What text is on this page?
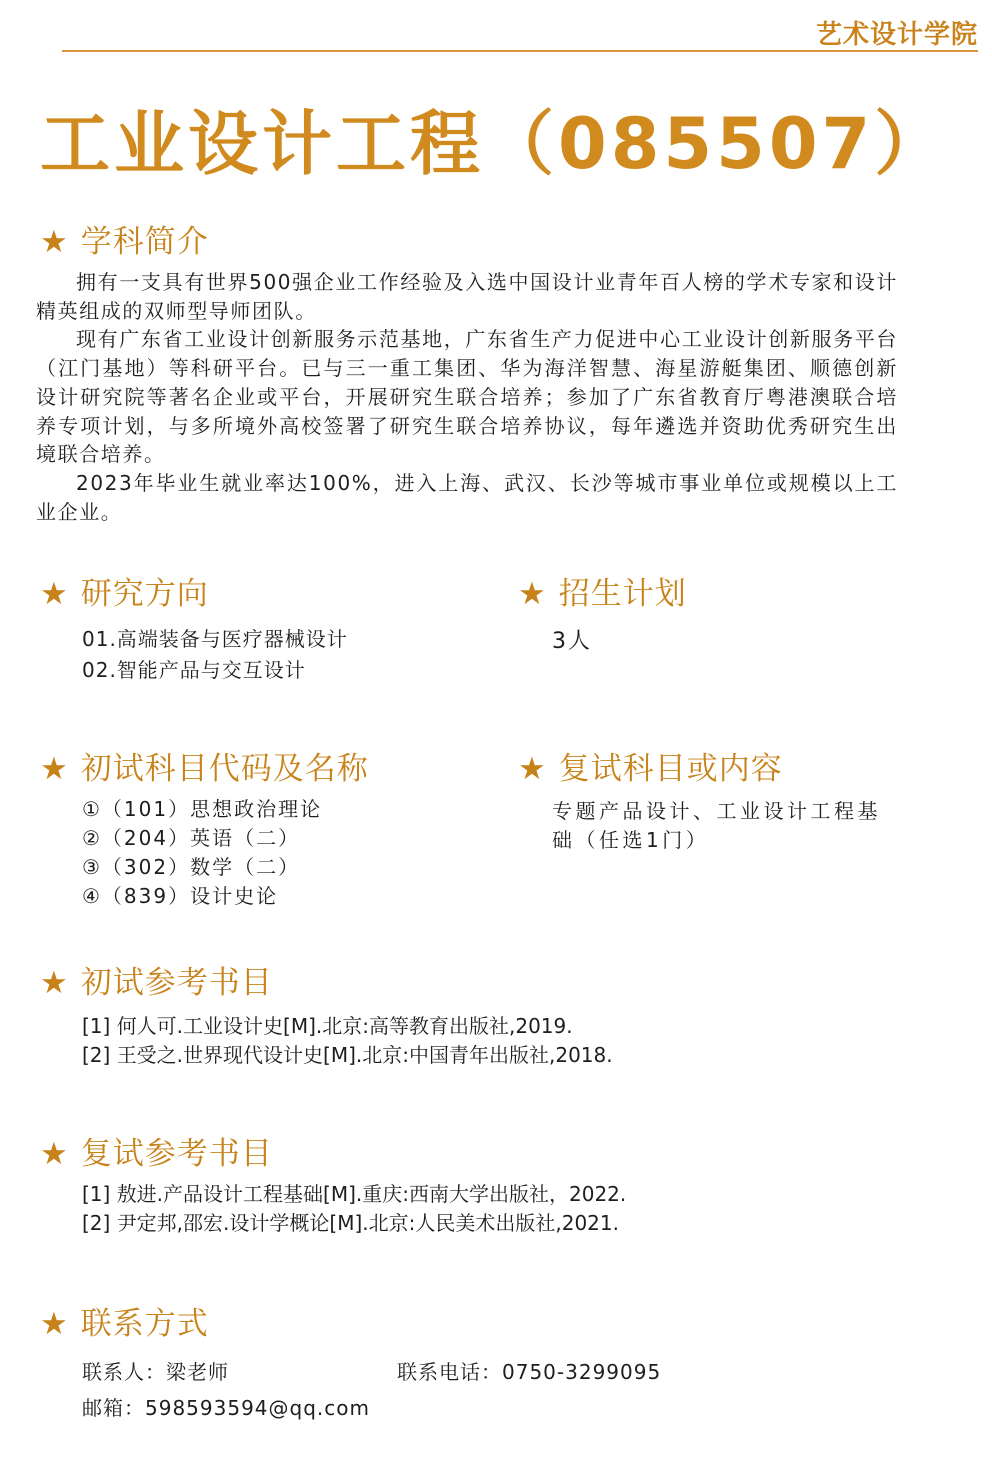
艺术设计学院
工业设计工程（085507）
★ 学科简介

拥有一支具有世界500强企业工作经验及入选中国设计业青年百人榜的学术专家和设计精英组成的双师型导师团队。

现有广东省工业设计创新服务示范基地，广东省生产力促进中心工业设计创新服务平台（江门基地）等科研平台。已与三一重工集团、华为海洋智慧、海星游艇集团、顺德创新设计研究院等著名企业或平台，开展研究生联合培养；参加了广东省教育厅粤港澳联合培养专项计划，与多所境外高校签署了研究生联合培养协议，每年遴选并资助优秀研究生出境联合培养。

2023年毕业生就业率达100%，进入上海、武汉、长沙等城市事业单位或规模以上工业企业。

★ 研究方向
01.高端装备与医疗器械设计
02.智能产品与交互设计
★ 招生计划
3人
★ 初试科目代码及名称
①（101）思想政治理论
②（204）英语（二）
③（302）数学（二）
④（839）设计史论
★ 复试科目或内容
专题产品设计、工业设计工程基
础（任选1门）
★ 初试参考书目
[1] 何人可.工业设计史[M].北京:高等教育出版社,2019.
[2] 王受之.世界现代设计史[M].北京:中国青年出版社,2018.
★ 复试参考书目
[1] 敖进.产品设计工程基础[M].重庆:西南大学出版社，2022.
[2] 尹定邦,邵宏.设计学概论[M].北京:人民美术出版社,2021.
★ 联系方式
联系人：梁老师	联系电话：0750-3299095
邮箱：598593594@qq.com
